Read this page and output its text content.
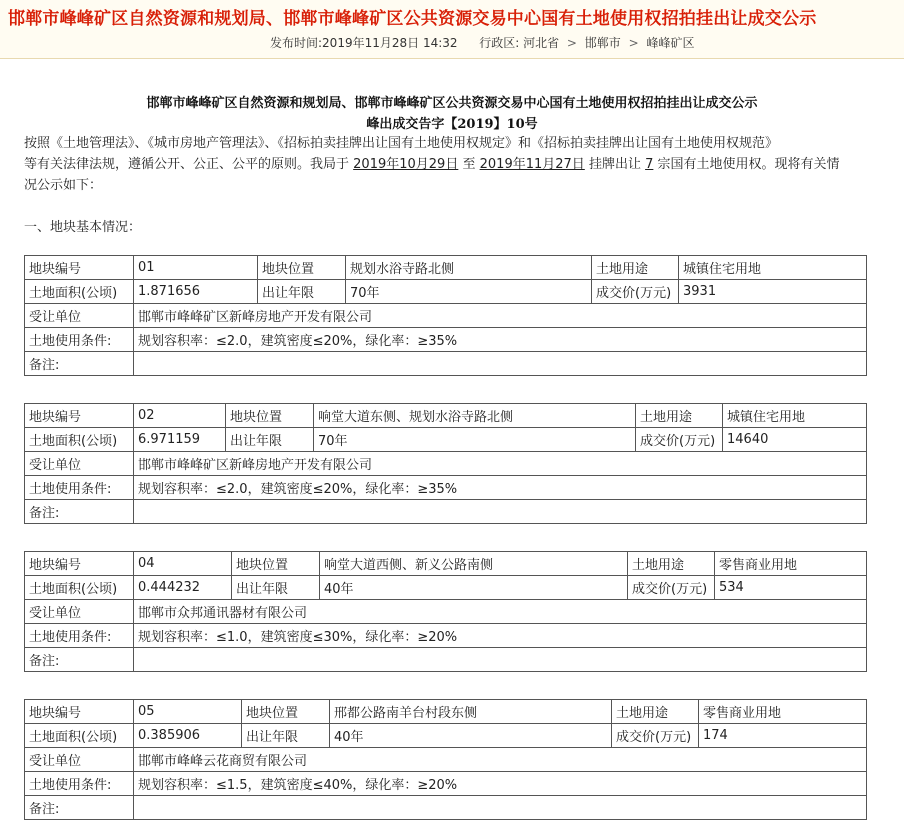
邯郸市峰峰矿区自然资源和规划局、邯郸市峰峰矿区公共资源交易中心国有土地使用权招拍挂出让成交公示
发布时间:2019年11月28日 14:32 行政区: 河北省 > 邯郸市 > 峰峰矿区
邯郸市峰峰矿区自然资源和规划局、邯郸市峰峰矿区公共资源交易中心国有土地使用权招拍挂出让成交公示
峰出成交告字【2019】10号
按照《土地管理法》、《城市房地产管理法》、《招标拍卖挂牌出让国有土地使用权规定》和《招标拍卖挂牌出让国有土地使用权规范》
等有关法律法规，遵循公开、公正、公平的原则。我局于 2019年10月29日 至 2019年11月27日 挂牌出让 7 宗国有土地使用权。现将有关情
况公示如下：
一、地块基本情况：
地块编号	01	地块位置	规划水浴寺路北侧	土地用途	城镇住宅用地
土地面积(公顷)	1.871656	出让年限	70年	成交价(万元)	3931
受让单位	邯郸市峰峰矿区新峰房地产开发有限公司				
土地使用条件:	规划容积率：≤2.0，建筑密度≤20%，绿化率：≥35%				
备注:					
地块编号	02	地块位置	响堂大道东侧、规划水浴寺路北侧	土地用途	城镇住宅用地
土地面积(公顷)	6.971159	出让年限	70年	成交价(万元)	14640
受让单位	邯郸市峰峰矿区新峰房地产开发有限公司				
土地使用条件:	规划容积率：≤2.0，建筑密度≤20%，绿化率：≥35%				
备注:					
地块编号	04	地块位置	响堂大道西侧、新义公路南侧	土地用途	零售商业用地
土地面积(公顷)	0.444232	出让年限	40年	成交价(万元)	534
受让单位	邯郸市众邦通讯器材有限公司				
土地使用条件:	规划容积率：≤1.0，建筑密度≤30%，绿化率：≥20%				
备注:					
地块编号	05	地块位置	邢都公路南羊台村段东侧	土地用途	零售商业用地
土地面积(公顷)	0.385906	出让年限	40年	成交价(万元)	174
受让单位	邯郸市峰峰云花商贸有限公司				
土地使用条件:	规划容积率：≤1.5，建筑密度≤40%，绿化率：≥20%				
备注:					
